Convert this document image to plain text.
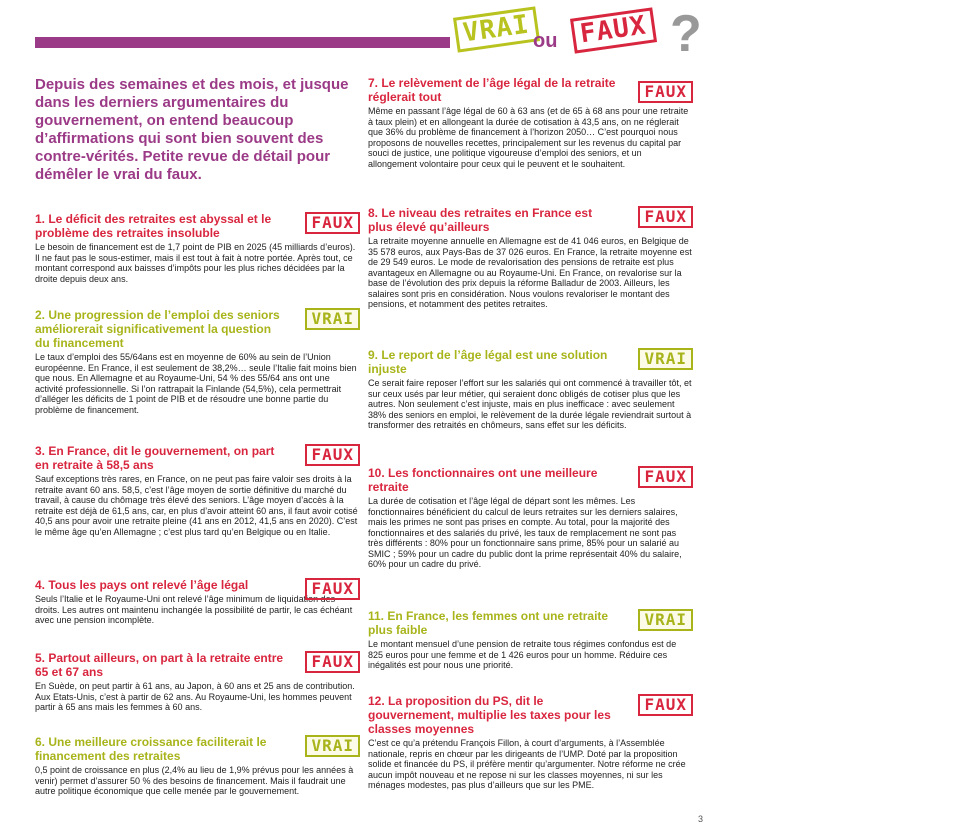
VRAI ou FAUX ?
Depuis des semaines et des mois, et jusque dans les derniers argumentaires du gouvernement, on entend beaucoup d’affirmations qui sont bien souvent des contre-vérités. Petite revue de détail pour démêler le vrai du faux.
1. Le déficit des retraites est abyssal et le problème des retraites insoluble
FAUX

Le besoin de financement est de 1,7 point de PIB en 2025 (45 milliards d’euros). Il ne faut pas le sous-estimer, mais il est tout à fait à notre portée. Après tout, ce montant correspond aux baisses d’impôts pour les plus riches décidées par la droite depuis deux ans.

2. Une progression de l’emploi des seniors améliorerait significativement la question du financement
VRAI

Le taux d’emploi des 55/64ans est en moyenne de 60% au sein de l’Union européenne. En France, il est seulement de 38,2%… seule l’Italie fait moins bien que nous. En Allemagne et au Royaume-Uni, 54 % des 55/64 ans ont une activité professionnelle. Si l’on rattrapait la Finlande (54,5%), cela permettrait d’alléger les déficits de 1 point de PIB et de résoudre une bonne partie du problème de financement.

3. En France, dit le gouvernement, on part en retraite à 58,5 ans
FAUX

Sauf exceptions très rares, en France, on ne peut pas faire valoir ses droits à la retraite avant 60 ans. 58,5, c’est l’âge moyen de sortie définitive du marché du travail, à cause du chômage très élevé des seniors. L’âge moyen d’accès à la retraite est déjà de 61,5 ans, car, en plus d’avoir atteint 60 ans, il faut avoir cotisé 40,5 ans pour avoir une retraite pleine (41 ans en 2012, 41,5 ans en 2020). C’est le même âge qu’en Allemagne ; c’est plus tard qu’en Belgique ou en Italie.

4. Tous les pays ont relevé l’âge légal	FAUX

Seuls l’Italie et le Royaume-Uni ont relevé l’âge minimum de liquidation des droits. Les autres ont maintenu inchangée la possibilité de partir, le cas échéant avec une pension incomplète.

5. Partout ailleurs, on part à la retraite entre 65 et 67 ans
FAUX

En Suède, on peut partir à 61 ans, au Japon, à 60 ans et 25 ans de contribution. Aux Etats-Unis, c’est à partir de 62 ans. Au Royaume-Uni, les hommes peuvent partir à 65 ans mais les femmes à 60 ans.

6. Une meilleure croissance faciliterait le financement des retraites
VRAI

0,5 point de croissance en plus (2,4% au lieu de 1,9% prévus pour les années à venir) permet d’assurer 50 % des besoins de financement. Mais il faudrait une autre politique économique que celle menée par le gouvernement.

7. Le relèvement de l’âge légal de la retraite réglerait tout	FAUX

Même en passant l’âge légal de 60 à 63 ans (et de 65 à 68 ans pour une retraite à taux plein) et en allongeant la durée de cotisation à 43,5 ans, on ne réglerait que 36% du problème de financement à l’horizon 2050… C’est pourquoi nous proposons de nouvelles recettes, principalement sur les revenus du capital par souci de justice, une politique vigoureuse d’emploi des seniors, et un allongement volontaire pour ceux qui le peuvent et le souhaitent.

8. Le niveau des retraites en France est plus élevé qu’ailleurs
FAUX

La retraite moyenne annuelle en Allemagne est de 41 046 euros, en Belgique de 35 578 euros, aux Pays-Bas de 37 026 euros. En France, la retraite moyenne est de 29 549 euros. Le mode de revalorisation des pensions de retraite est plus avantageux en Allemagne ou au Royaume-Uni. En France, on revalorise sur la base de l’évolution des prix depuis la réforme Balladur de 2003. Ailleurs, les salaires sont pris en considération. Nous voulons revaloriser le montant des pensions, et notamment des petites retraites.

9. Le report de l’âge légal est une solution injuste
VRAI

Ce serait faire reposer l’effort sur les salariés qui ont commencé à travailler tôt, et sur ceux usés par leur métier, qui seraient donc obligés de cotiser plus que les autres. Non seulement c’est injuste, mais en plus inefficace : avec seulement 38% des seniors en emploi, le relèvement de la durée légale reviendrait surtout à transformer des retraités en chômeurs, sans effet sur les déficits.

10. Les fonctionnaires ont une meilleure retraite
FAUX

La durée de cotisation et l’âge légal de départ sont les mêmes. Les fonctionnaires bénéficient du calcul de leurs retraites sur les derniers salaires, mais les primes ne sont pas prises en compte. Au total, pour la majorité des fonctionnaires et des salariés du privé, les taux de remplacement ne sont pas très différents : 80% pour un fonctionnaire sans prime, 85% pour un salarié au SMIC ; 59% pour un cadre du public dont la prime représentait 40% du salaire, 60% pour un cadre du privé.

11. En France, les femmes ont une retraite plus faible
VRAI

Le montant mensuel d’une pension de retraite tous régimes confondus est de 825 euros pour une femme et de 1 426 euros pour un homme. Réduire ces inégalités est pour nous une priorité.

12. La proposition du PS, dit le gouvernement, multiplie les taxes pour les classes moyennes
FAUX

C’est ce qu’a prétendu François Fillon, à court d’arguments, à l’Assemblée nationale, repris en chœur par les dirigeants de l’UMP. Doté par la proposition solide et financée du PS, il préfère mentir qu’argumenter. Notre réforme ne crée aucun impôt nouveau et ne repose ni sur les classes moyennes, ni sur les ménages modestes, pas plus d’ailleurs que sur les PME.

3
